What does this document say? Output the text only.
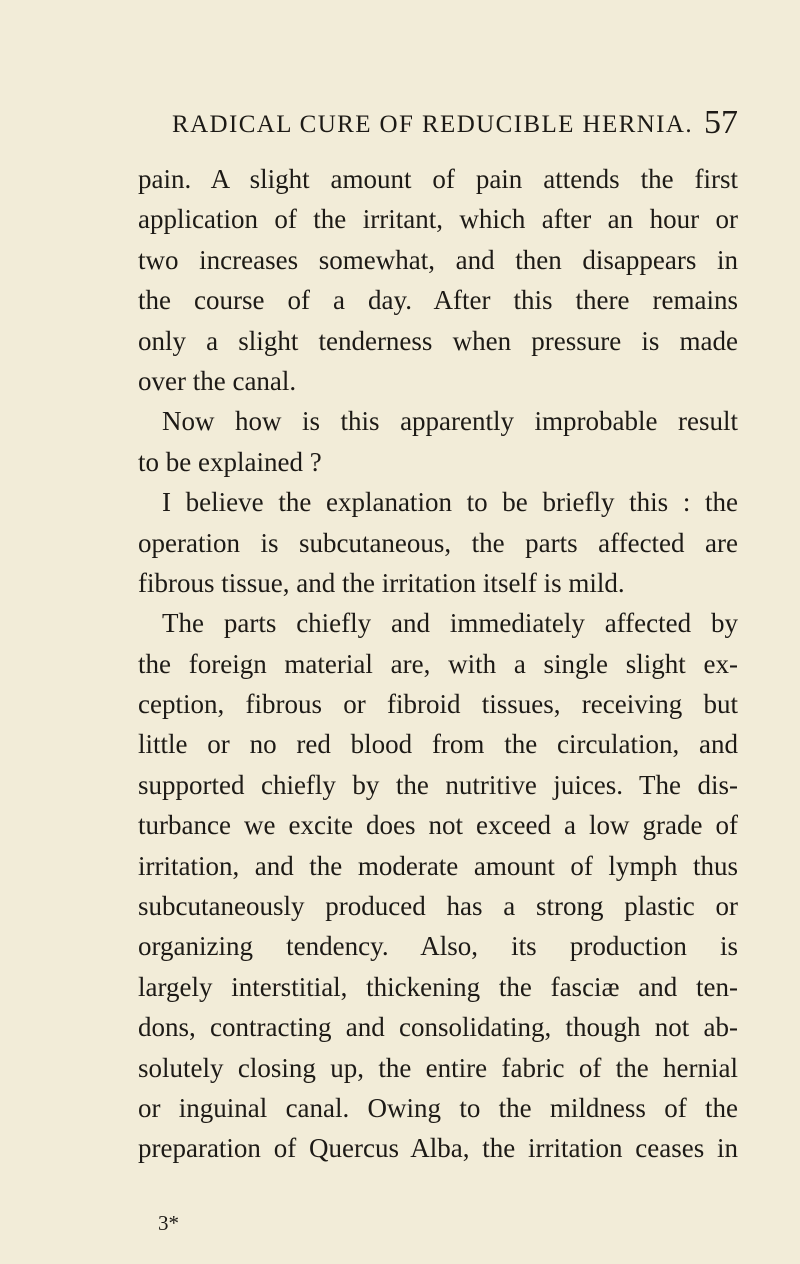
RADICAL CURE OF REDUCIBLE HERNIA. 57
pain. A slight amount of pain attends the first
application of the irritant, which after an hour or
two increases somewhat, and then disappears in
the course of a day. After this there remains
only a slight tenderness when pressure is made
over the canal.
Now how is this apparently improbable result
to be explained ?
I believe the explanation to be briefly this : the
operation is subcutaneous, the parts affected are
fibrous tissue, and the irritation itself is mild.
The parts chiefly and immediately affected by
the foreign material are, with a single slight ex-
ception, fibrous or fibroid tissues, receiving but
little or no red blood from the circulation, and
supported chiefly by the nutritive juices. The dis-
turbance we excite does not exceed a low grade of
irritation, and the moderate amount of lymph thus
subcutaneously produced has a strong plastic or
organizing tendency. Also, its production is
largely interstitial, thickening the fasciæ and ten-
dons, contracting and consolidating, though not ab-
solutely closing up, the entire fabric of the hernial
or inguinal canal. Owing to the mildness of the
preparation of Quercus Alba, the irritation ceases in
3*
